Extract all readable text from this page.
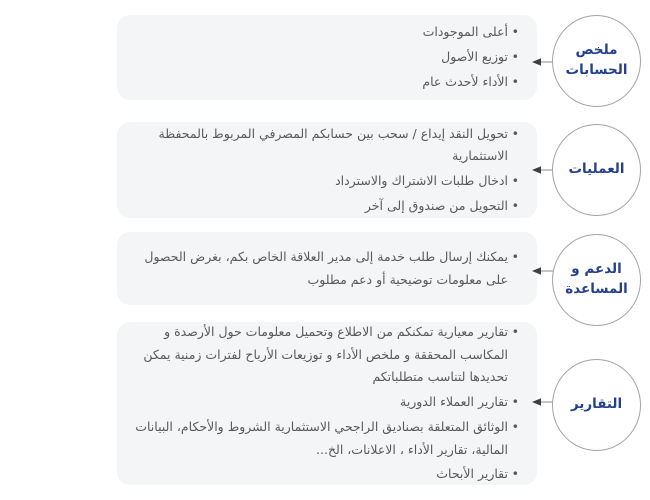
• أعلى الموجودات
• توزيع الأصول
• الأداء لأحدث عام
ملخص
الحسابات
• تحويل النقد إيداع / سحب بين حسابكم المصرفي المربوط بالمحفظة الاستثمارية
• ادخال طلبات الاشتراك والاسترداد
• التحويل من صندوق إلى آخر
العمليات
• يمكنك إرسال طلب خدمة إلى مدير العلاقة الخاص بكم، بغرض الحصول على معلومات توضيحية أو دعم مطلوب
الدعم و
المساعدة
• تقارير معيارية تمكنكم من الاطلاع وتحميل معلومات حول الأرصدة و المكاسب المحققة و ملخص الأداء و توزيعات الأرباح لفترات زمنية يمكن تحديدها لتناسب متطلباتكم
• تقارير العملاء الدورية
• الوثائق المتعلقة بصناديق الراجحي الاستثمارية الشروط والأحكام، البيانات المالية، تقارير الأداء ، الاعلانات، الخ...
• تقارير الأبحاث
التقارير
